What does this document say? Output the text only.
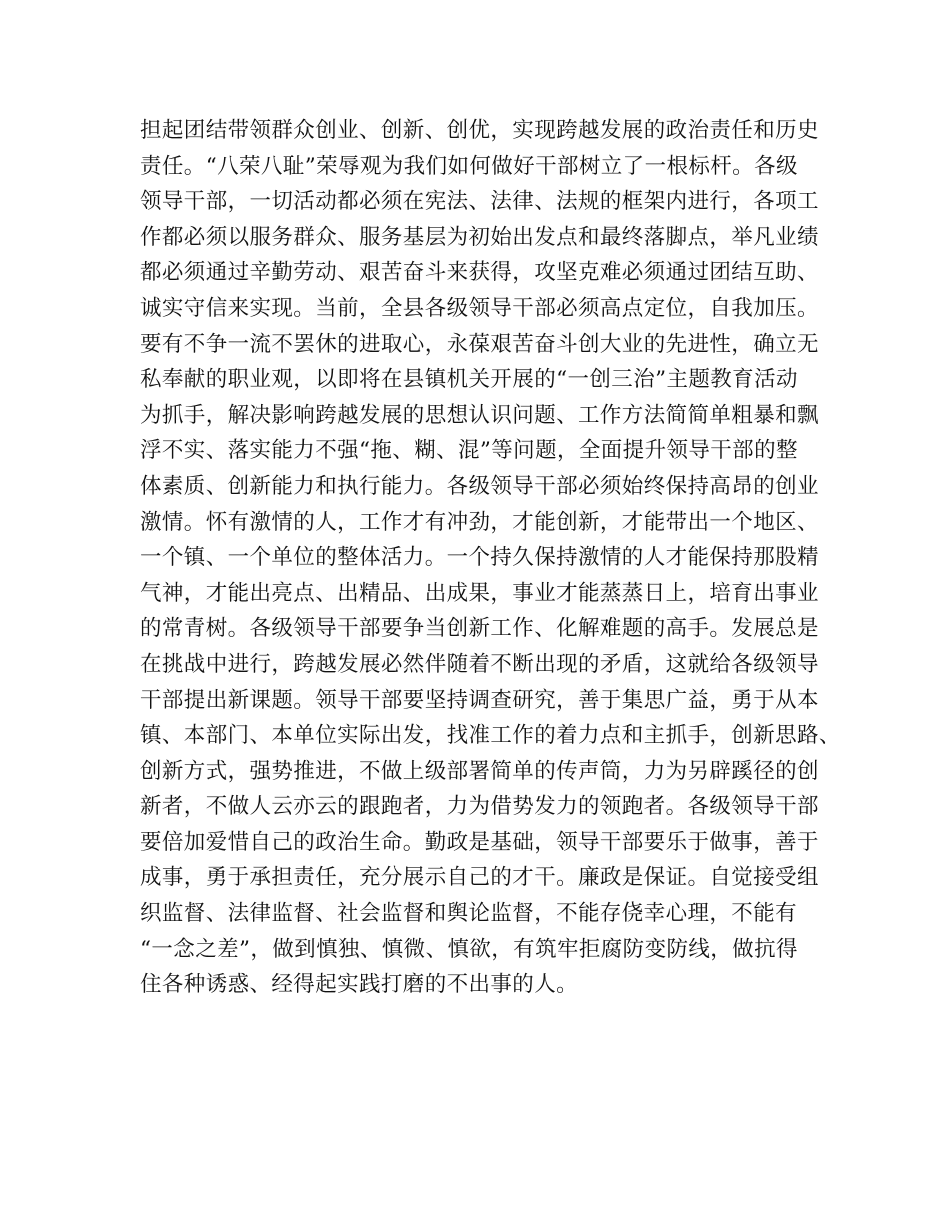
担起团结带领群众创业、创新、创优，实现跨越发展的政治责任和历史
责任。“八荣八耻”荣辱观为我们如何做好干部树立了一根标杆。各级
领导干部，一切活动都必须在宪法、法律、法规的框架内进行，各项工
作都必须以服务群众、服务基层为初始出发点和最终落脚点，举凡业绩
都必须通过辛勤劳动、艰苦奋斗来获得，攻坚克难必须通过团结互助、
诚实守信来实现。当前，全县各级领导干部必须高点定位，自我加压。
要有不争一流不罢休的进取心，永葆艰苦奋斗创大业的先进性，确立无
私奉献的职业观，以即将在县镇机关开展的“一创三治”主题教育活动
为抓手，解决影响跨越发展的思想认识问题、工作方法简简单粗暴和飘
浮不实、落实能力不强“拖、糊、混”等问题，全面提升领导干部的整
体素质、创新能力和执行能力。各级领导干部必须始终保持高昂的创业
激情。怀有激情的人，工作才有冲劲，才能创新，才能带出一个地区、
一个镇、一个单位的整体活力。一个持久保持激情的人才能保持那股精
气神，才能出亮点、出精品、出成果，事业才能蒸蒸日上，培育出事业
的常青树。各级领导干部要争当创新工作、化解难题的高手。发展总是
在挑战中进行，跨越发展必然伴随着不断出现的矛盾，这就给各级领导
干部提出新课题。领导干部要坚持调查研究，善于集思广益，勇于从本
镇、本部门、本单位实际出发，找准工作的着力点和主抓手，创新思路、
创新方式，强势推进，不做上级部署简单的传声筒，力为另辟蹊径的创
新者，不做人云亦云的跟跑者，力为借势发力的领跑者。各级领导干部
要倍加爱惜自己的政治生命。勤政是基础，领导干部要乐于做事，善于
成事，勇于承担责任，充分展示自己的才干。廉政是保证。自觉接受组
织监督、法律监督、社会监督和舆论监督，不能存侥幸心理，不能有
“一念之差”，做到慎独、慎微、慎欲，有筑牢拒腐防变防线，做抗得
住各种诱惑、经得起实践打磨的不出事的人。
